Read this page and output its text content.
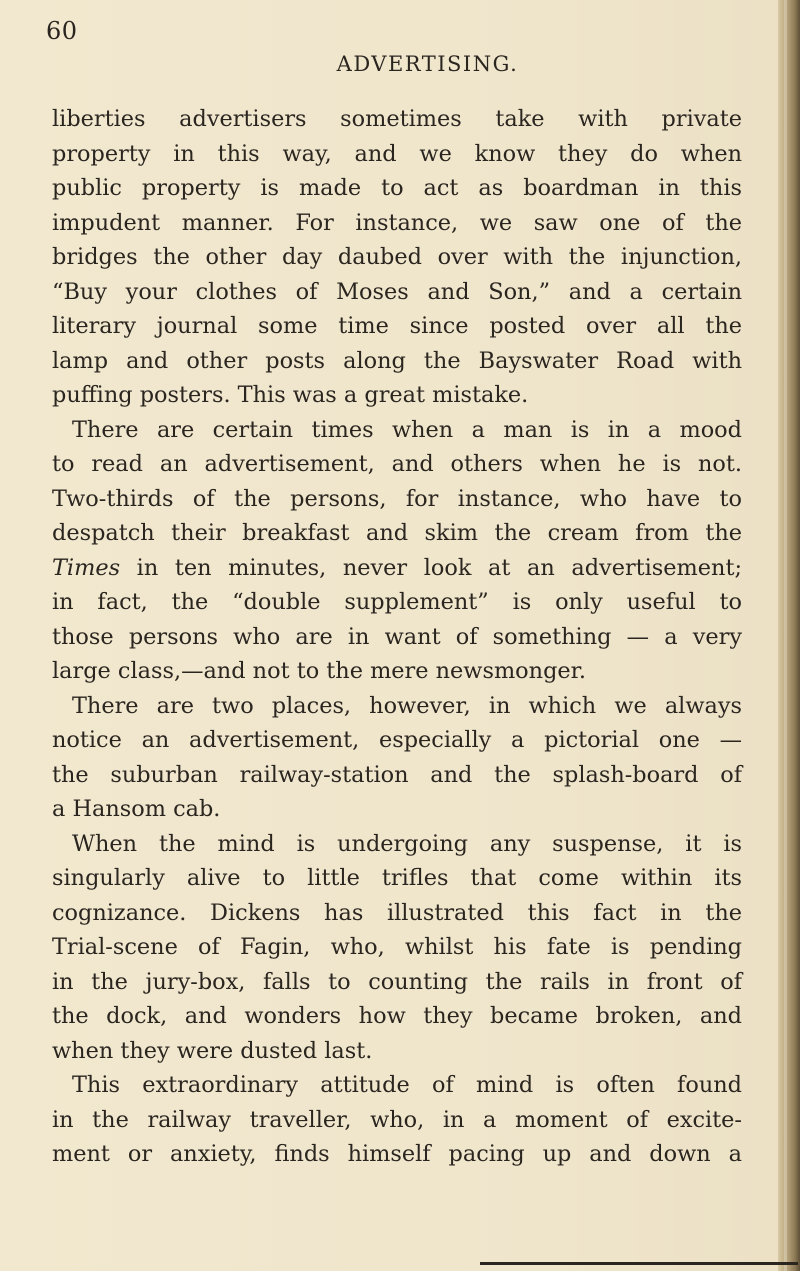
60
ADVERTISING.
liberties advertisers sometimes take with private
property in this way, and we know they do when
public property is made to act as boardman in this
impudent manner. For instance, we saw one of the
bridges the other day daubed over with the injunction,
“Buy your clothes of Moses and Son,” and a certain
literary journal some time since posted over all the
lamp and other posts along the Bayswater Road with
puffing posters. This was a great mistake.
There are certain times when a man is in a mood
to read an advertisement, and others when he is not.
Two-thirds of the persons, for instance, who have to
despatch their breakfast and skim the cream from the
Times in ten minutes, never look at an advertisement;
in fact, the “double supplement” is only useful to
those persons who are in want of something — a very
large class,—and not to the mere newsmonger.
There are two places, however, in which we always
notice an advertisement, especially a pictorial one —
the suburban railway-station and the splash-board of
a Hansom cab.
When the mind is undergoing any suspense, it is
singularly alive to little trifles that come within its
cognizance. Dickens has illustrated this fact in the
Trial-scene of Fagin, who, whilst his fate is pending
in the jury-box, falls to counting the rails in front of
the dock, and wonders how they became broken, and
when they were dusted last.
This extraordinary attitude of mind is often found
in the railway traveller, who, in a moment of excite-
ment or anxiety, finds himself pacing up and down a
